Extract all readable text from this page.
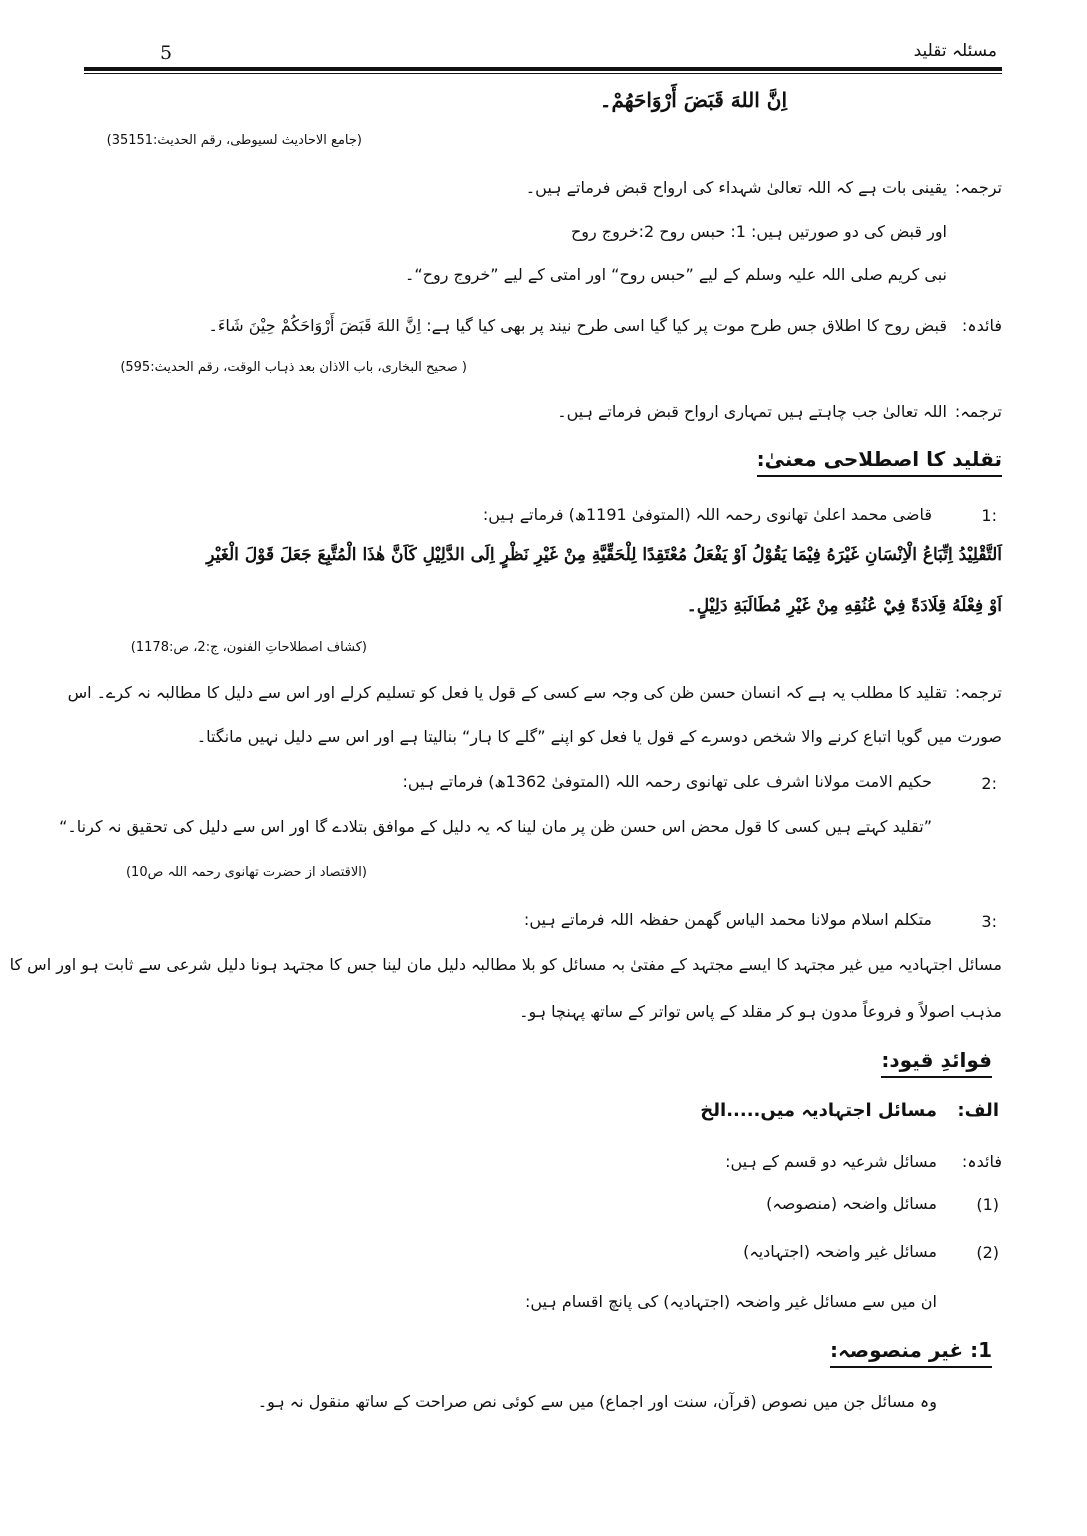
مسئلہ تقلید
5
اِنَّ اللهَ قَبَضَ أَرْوَاحَهُمْ۔
(جامع الاحادیث لسیوطی، رقم الحدیث:35151)
ترجمہ:
یقینی بات ہے کہ اللہ تعالیٰ شہداء کی ارواح قبض فرماتے ہیں۔
اور قبض کی دو صورتیں ہیں: 1: حبس روح 2:خروج روح
نبی کریم صلی اللہ علیہ وسلم کے لیے ”حبس روح“ اور امتی کے لیے ”خروج روح“۔
فائدہ:
قبض روح کا اطلاق جس طرح موت پر کیا گیا اسی طرح نیند پر بھی کیا گیا ہے: اِنَّ اللهَ قَبَضَ أَرْوَاحَكُمْ حِيْنَ شَاءَ۔
( صحیح البخاری، باب الاذان بعد ذہاب الوقت، رقم الحدیث:595)
ترجمہ:
اللہ تعالیٰ جب چاہتے ہیں تمہاری ارواح قبض فرماتے ہیں۔
تقلید کا اصطلاحی معنیٰ:
1:
قاضی محمد اعلیٰ تھانوی رحمہ اللہ (المتوفیٰ 1191ھ) فرماتے ہیں:
اَلتَّقْلِيْدُ اِتِّبَاعُ الْاِنْسَانِ غَيْرَهُ فِيْمَا يَقُوْلُ اَوْ يَفْعَلُ مُعْتَقِدًا لِلْحَقِّيَّةِ مِنْ غَيْرِ نَظْرٍ اِلَى الدَّلِيْلِ كَاَنَّ هٰذَا الْمُتَّبِعَ جَعَلَ قَوْلَ الْغَيْرِ
اَوْ فِعْلَهُ قِلَادَةً فِيْ عُنُقِهِ مِنْ غَيْرِ مُطَالَبَةِ دَلِيْلٍ۔
(کشاف اصطلاحاتِ الفنون، ج:2، ص:1178)
ترجمہ:
تقلید کا مطلب یہ ہے کہ انسان حسن ظن کی وجہ سے کسی کے قول یا فعل کو تسلیم کرلے اور اس سے دلیل کا مطالبہ نہ کرے۔ اس
صورت میں گویا اتباع کرنے والا شخص دوسرے کے قول یا فعل کو اپنے ”گلے کا ہار“ بنالیتا ہے اور اس سے دلیل نہیں مانگتا۔
2:
حکیم الامت مولانا اشرف علی تھانوی رحمہ اللہ (المتوفیٰ 1362ھ) فرماتے ہیں:
”تقلید کہتے ہیں کسی کا قول محض اس حسن ظن پر مان لینا کہ یہ دلیل کے موافق بتلادے گا اور اس سے دلیل کی تحقیق نہ کرنا۔“
(الاقتصاد از حضرت تھانوی رحمہ اللہ ص10)
3:
متکلم اسلام مولانا محمد الیاس گھمن حفظہ اللہ فرماتے ہیں:
مسائل اجتہادیہ میں غیر مجتہد کا ایسے مجتہد کے مفتیٰ بہ مسائل کو بلا مطالبہ دلیل مان لینا جس کا مجتہد ہونا دلیل شرعی سے ثابت ہو اور اس کا
مذہب اصولاً و فروعاً مدون ہو کر مقلد کے پاس تواتر کے ساتھ پہنچا ہو۔
فوائدِ قیود:
الف:
مسائل اجتہادیہ میں.....الخ
فائدہ:
مسائل شرعیہ دو قسم کے ہیں:
(1)
مسائل واضحہ (منصوصہ)
(2)
مسائل غیر واضحہ (اجتہادیہ)
ان میں سے مسائل غیر واضحہ (اجتہادیہ) کی پانچ اقسام ہیں:
1: غیر منصوصہ:
وہ مسائل جن میں نصوص (قرآن، سنت اور اجماع) میں سے کوئی نص صراحت کے ساتھ منقول نہ ہو۔
